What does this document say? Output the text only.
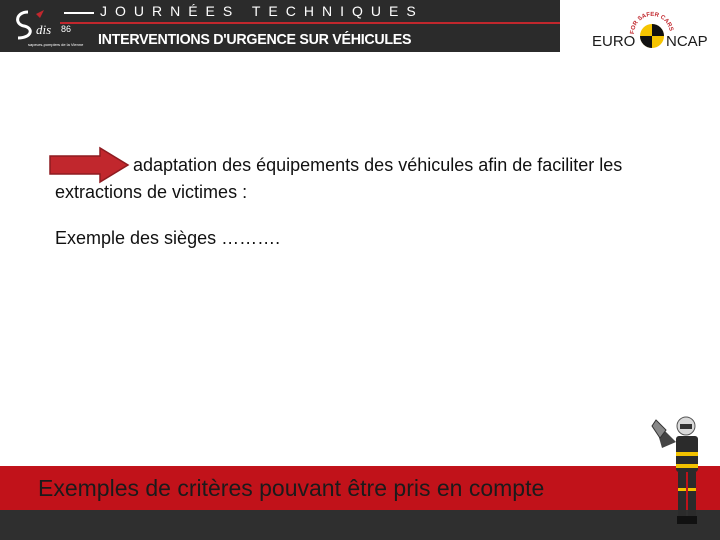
dis 86
sapeurs-pompiers de la Vienne
JOURNÉES TECHNIQUES
INTERVENTIONS D'URGENCE SUR VÉHICULES	FOR SAFER CARS
EURO NCAP
adaptation des équipements des véhicules afin de faciliter les
extractions de victimes :
Exemple des sièges ……….
Exemples de critères pouvant être pris en compte
